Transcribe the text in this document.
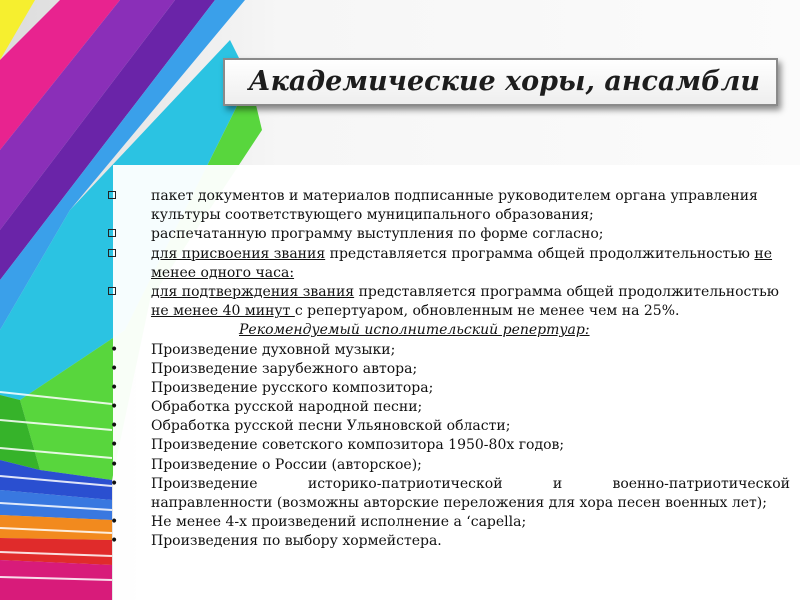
Академические хоры, ансамбли
пакет документов и материалов подписанные руководителем органа управления
культуры соответствующего муниципального образования;
распечатанную программу выступления по форме согласно;
для присвоения звания представляется программа общей продолжительностью не
менее одного часа:
для подтверждения звания представляется программа общей продолжительностью
не менее 40 минут с репертуаром, обновленным не менее чем на 25%.
Рекомендуемый исполнительский репертуар:
• Произведение духовной музыки;
• Произведение зарубежного автора;
• Произведение русского композитора;
• Обработка русской народной песни;
• Обработка русской песни Ульяновской области;
• Произведение советского композитора 1950-80х годов;
• Произведение о России (авторское);
• Произведение	историко-патриотической	и	военно-патриотической
направленности (возможны авторские переложения для хора песен военных лет);
• Не менее 4-х произведений исполнение a ‘capella;
• Произведения по выбору хормейстера.
